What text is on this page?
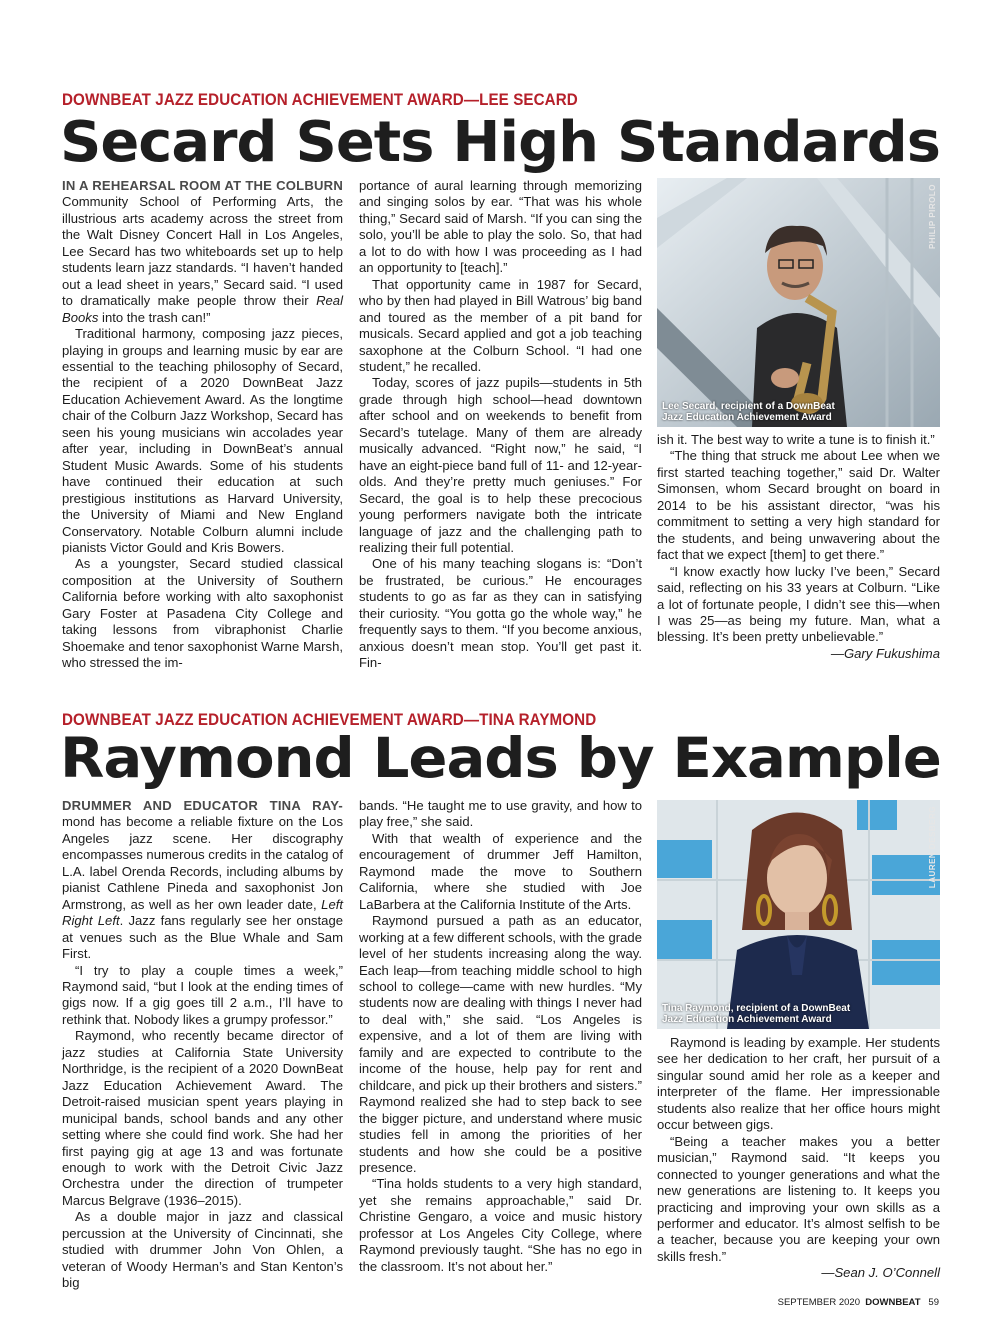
DOWNBEAT JAZZ EDUCATION ACHIEVEMENT AWARD—LEE SECARD
Secard Sets High Standards

IN A REHEARSAL ROOM AT THE COLBURN Community School of Performing Arts, the illustrious arts academy across the street from the Walt Disney Concert Hall in Los Angeles, Lee Secard has two whiteboards set up to help students learn jazz standards. “I haven’t handed out a lead sheet in years,” Secard said. “I used to dramatically make people throw their Real Books into the trash can!”

Traditional harmony, composing jazz pieces, playing in groups and learning music by ear are essential to the teaching philosophy of Secard, the recipient of a 2020 DownBeat Jazz Education Achievement Award. As the longtime chair of the Colburn Jazz Workshop, Secard has seen his young musicians win accolades year after year, including in DownBeat’s annual Student Music Awards. Some of his students have continued their education at such prestigious institutions as Harvard University, the University of Miami and New England Conservatory. Notable Colburn alumni include pianists Victor Gould and Kris Bowers.

As a youngster, Secard studied classical composition at the University of Southern California before working with alto saxophonist Gary Foster at Pasadena City College and taking lessons from vibraphonist Charlie Shoemake and tenor saxophonist Warne Marsh, who stressed the im-

portance of aural learning through memorizing and singing solos by ear. “That was his whole thing,” Secard said of Marsh. “If you can sing the solo, you’ll be able to play the solo. So, that had a lot to do with how I was proceeding as I had an opportunity to [teach].”

That opportunity came in 1987 for Secard, who by then had played in Bill Watrous’ big band and toured as the member of a pit band for musicals. Secard applied and got a job teaching saxophone at the Colburn School. “I had one student,” he recalled.

Today, scores of jazz pupils—students in 5th grade through high school—head downtown after school and on weekends to benefit from Secard’s tutelage. Many of them are already musically advanced. “Right now,” he said, “I have an eight-piece band full of 11- and 12-year-olds. And they’re pretty much geniuses.” For Secard, the goal is to help these precocious young performers navigate both the intricate language of jazz and the challenging path to realizing their full potential.

One of his many teaching slogans is: “Don’t be frustrated, be curious.” He encourages students to go as far as they can in satisfying their curiosity. “You gotta go the whole way,” he frequently says to them. “If you become anxious, anxious doesn’t mean stop. You’ll get past it. Fin-

PHILIP PIROLO
Lee Secard, recipient of a DownBeat
Jazz Education Achievement Award

ish it. The best way to write a tune is to finish it.”

“The thing that struck me about Lee when we first started teaching together,” said Dr. Walter Simonsen, whom Secard brought on board in 2014 to be his assistant director, “was his commitment to setting a very high standard for the students, and being unwavering about the fact that we expect [them] to get there.”

“I know exactly how lucky I’ve been,” Secard said, reflecting on his 33 years at Colburn. “Like a lot of fortunate people, I didn’t see this—when I was 25—as being my future. Man, what a blessing. It’s been pretty unbelievable.”

—Gary Fukushima

DOWNBEAT JAZZ EDUCATION ACHIEVEMENT AWARD—TINA RAYMOND
Raymond Leads by Example

DRUMMER AND EDUCATOR TINA RAY-mond has become a reliable fixture on the Los Angeles jazz scene. Her discography encompasses numerous credits in the catalog of L.A. label Orenda Records, including albums by pianist Cathlene Pineda and saxophonist Jon Armstrong, as well as her own leader date, Left Right Left. Jazz fans regularly see her onstage at venues such as the Blue Whale and Sam First.

“I try to play a couple times a week,” Raymond said, “but I look at the ending times of gigs now. If a gig goes till 2 a.m., I’ll have to rethink that. Nobody likes a grumpy professor.”

Raymond, who recently became director of jazz studies at California State University Northridge, is the recipient of a 2020 DownBeat Jazz Education Achievement Award. The Detroit-raised musician spent years playing in municipal bands, school bands and any other setting where she could find work. She had her first paying gig at age 13 and was fortunate enough to work with the Detroit Civic Jazz Orchestra under the direction of trumpeter Marcus Belgrave (1936–2015).

As a double major in jazz and classical percussion at the University of Cincinnati, she studied with drummer John Von Ohlen, a veteran of Woody Herman’s and Stan Kenton’s big

bands. “He taught me to use gravity, and how to play free,” she said.

With that wealth of experience and the encouragement of drummer Jeff Hamilton, Raymond made the move to Southern California, where she studied with Joe LaBarbera at the California Institute of the Arts.

Raymond pursued a path as an educator, working at a few different schools, with the grade level of her students increasing along the way. Each leap—from teaching middle school to high school to college—came with new hurdles. “My students now are dealing with things I never had to deal with,” she said. “Los Angeles is expensive, and a lot of them are living with family and are expected to contribute to the income of the house, help pay for rent and childcare, and pick up their brothers and sisters.” Raymond realized she had to step back to see the bigger picture, and understand where music studies fell in among the priorities of her students and how she could be a positive presence.

“Tina holds students to a very high standard, yet she remains approachable,” said Dr. Christine Gengaro, a voice and music history professor at Los Angeles City College, where Raymond previously taught. “She has no ego in the classroom. It’s not about her.”

LAUREN DESBERG
Tina Raymond, recipient of a DownBeat
Jazz Education Achievement Award

Raymond is leading by example. Her students see her dedication to her craft, her pursuit of a singular sound amid her role as a keeper and interpreter of the flame. Her impressionable students also realize that her office hours might occur between gigs.

“Being a teacher makes you a better musician,” Raymond said. “It keeps you connected to younger generations and what the new generations are listening to. It keeps you practicing and improving your own skills as a performer and educator. It’s almost selfish to be a teacher, because you are keeping your own skills fresh.”

—Sean J. O’Connell

SEPTEMBER 2020 DOWNBEAT 59
